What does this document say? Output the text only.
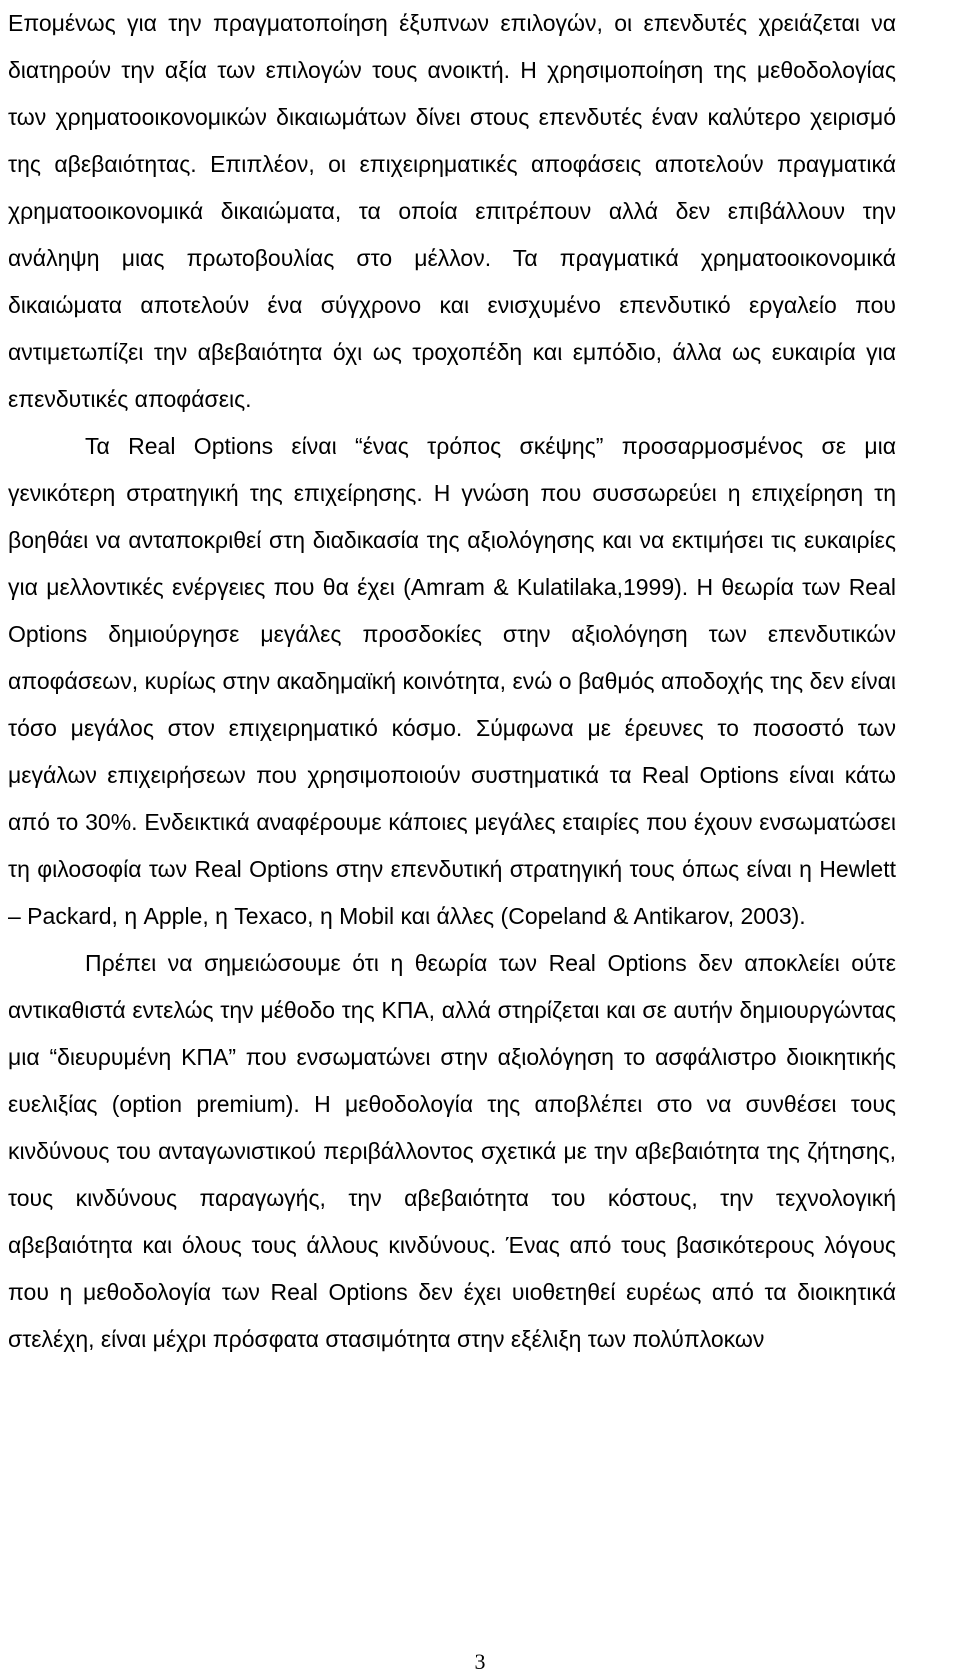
Επομένως για την πραγματοποίηση έξυπνων επιλογών, οι επενδυτές χρειάζεται να διατηρούν την αξία των επιλογών τους ανοικτή. Η χρησιμοποίηση της μεθοδολογίας των χρηματοοικονομικών δικαιωμάτων δίνει στους επενδυτές έναν καλύτερο χειρισμό της αβεβαιότητας. Επιπλέον, οι επιχειρηματικές αποφάσεις αποτελούν πραγματικά χρηματοοικονομικά δικαιώματα, τα οποία επιτρέπουν αλλά δεν επιβάλλουν την ανάληψη μιας πρωτοβουλίας στο μέλλον. Τα πραγματικά χρηματοοικονομικά δικαιώματα αποτελούν ένα σύγχρονο και ενισχυμένο επενδυτικό εργαλείο που αντιμετωπίζει την αβεβαιότητα όχι ως τροχοπέδη και εμπόδιο, άλλα ως ευκαιρία για επενδυτικές αποφάσεις.

Τα Real Options είναι “ένας τρόπος σκέψης” προσαρμοσμένος σε μια γενικότερη στρατηγική της επιχείρησης. Η γνώση που συσσωρεύει η επιχείρηση τη βοηθάει να ανταποκριθεί στη διαδικασία της αξιολόγησης και να εκτιμήσει τις ευκαιρίες για μελλοντικές ενέργειες που θα έχει (Amram & Kulatilaka,1999). Η θεωρία των Real Options δημιούργησε μεγάλες προσδοκίες στην αξιολόγηση των επενδυτικών αποφάσεων, κυρίως στην ακαδημαϊκή κοινότητα, ενώ ο βαθμός αποδοχής της δεν είναι τόσο μεγάλος στον επιχειρηματικό κόσμο. Σύμφωνα με έρευνες το ποσοστό των μεγάλων επιχειρήσεων που χρησιμοποιούν συστηματικά τα Real Options είναι κάτω από το 30%. Ενδεικτικά αναφέρουμε κάποιες μεγάλες εταιρίες που έχουν ενσωματώσει τη φιλοσοφία των Real Options στην επενδυτική στρατηγική τους όπως είναι η Hewlett – Packard, η Apple, η Texaco, η Mobil και άλλες (Copeland & Antikarov, 2003).

Πρέπει να σημειώσουμε ότι η θεωρία των Real Options δεν αποκλείει ούτε αντικαθιστά εντελώς την μέθοδο της ΚΠΑ, αλλά στηρίζεται και σε αυτήν δημιουργώντας μια “διευρυμένη ΚΠΑ” που ενσωματώνει στην αξιολόγηση το ασφάλιστρο διοικητικής ευελιξίας (option premium). Η μεθοδολογία της αποβλέπει στο να συνθέσει τους κινδύνους του ανταγωνιστικού περιβάλλοντος σχετικά με την αβεβαιότητα της ζήτησης, τους κινδύνους παραγωγής, την αβεβαιότητα του κόστους, την τεχνολογική αβεβαιότητα και όλους τους άλλους κινδύνους. Ένας από τους βασικότερους λόγους που η μεθοδολογία των Real Options δεν έχει υιοθετηθεί ευρέως από τα διοικητικά στελέχη, είναι μέχρι πρόσφατα στασιμότητα στην εξέλιξη των πολύπλοκων

3
